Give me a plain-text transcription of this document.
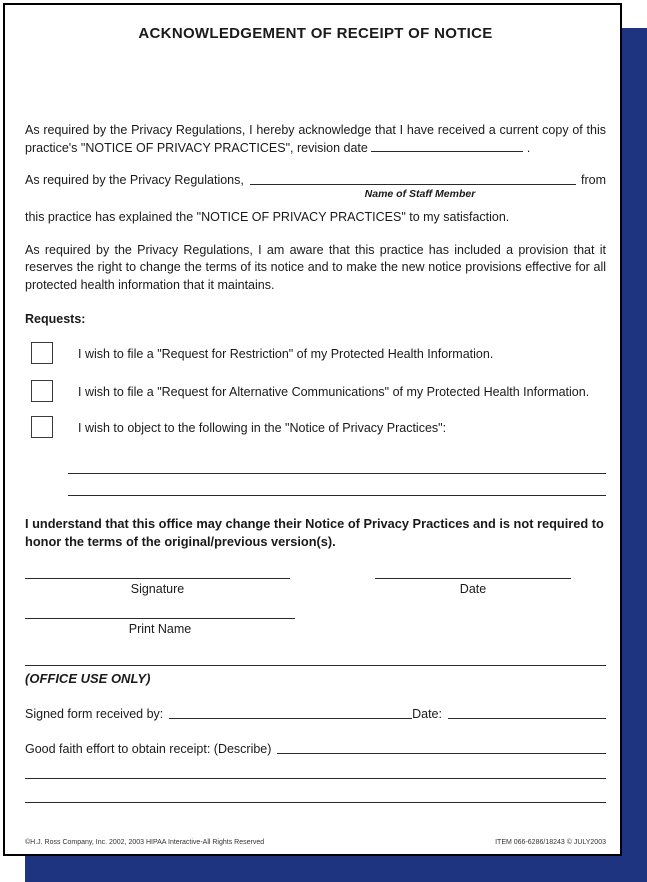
ACKNOWLEDGEMENT OF RECEIPT OF NOTICE

As required by the Privacy Regulations, I hereby acknowledge that I have received a current copy of this practice's "NOTICE OF PRIVACY PRACTICES", revision date	.

As required by the Privacy Regulations,	from
Name of Staff Member

this practice has explained the "NOTICE OF PRIVACY PRACTICES" to my satisfaction.

As required by the Privacy Regulations, I am aware that this practice has included a provision that it reserves the right to change the terms of its notice and to make the new notice provisions effective for all protected health information that it maintains.

Requests:
I wish to file a "Request for Restriction" of my Protected Health Information.
I wish to file a "Request for Alternative Communications" of my Protected Health Information.
I wish to object to the following in the "Notice of Privacy Practices":

I understand that this office may change their Notice of Privacy Practices and is not required to honor the terms of the original/previous version(s).

Signature	Date
Print Name
(OFFICE USE ONLY)
Signed form received by:	Date:
Good faith effort to obtain receipt: (Describe)
©H.J. Ross Company, Inc. 2002, 2003 HIPAA Interactive-All Rights Reserved	ITEM 066-6286/18243 © JULY2003
